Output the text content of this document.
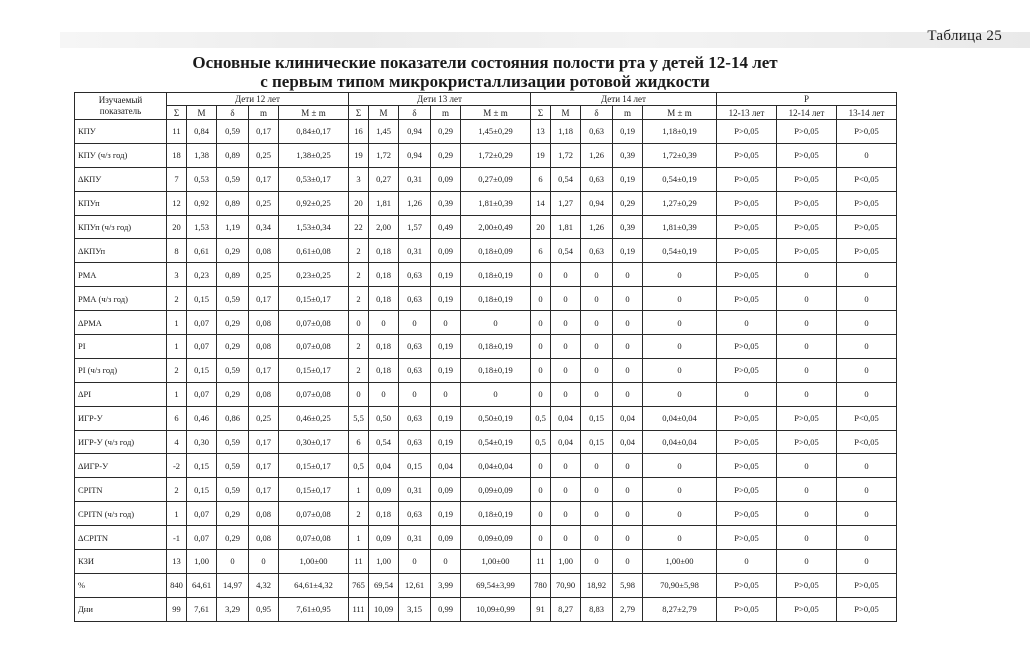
Таблица 25
Основные клинические показатели состояния полости рта у детей 12-14 лет
с первым типом микрокристаллизации ротовой жидкости
Изучаемый
показатель	Дети 12 лет					Дети 13 лет					Дети 14 лет					Р		
	Σ	М	δ	m	М ± m	Σ	М	δ	m	М ± m	Σ	М	δ	m	М ± m	12-13 лет	12-14 лет	13-14 лет
КПУ	11	0,84	0,59	0,17	0,84±0,17	16	1,45	0,94	0,29	1,45±0,29	13	1,18	0,63	0,19	1,18±0,19	Р>0,05	Р>0,05	Р>0,05
КПУ (ч/з год)	18	1,38	0,89	0,25	1,38±0,25	19	1,72	0,94	0,29	1,72±0,29	19	1,72	1,26	0,39	1,72±0,39	Р>0,05	Р>0,05	0
ΔКПУ	7	0,53	0,59	0,17	0,53±0,17	3	0,27	0,31	0,09	0,27±0,09	6	0,54	0,63	0,19	0,54±0,19	Р>0,05	Р>0,05	Р<0,05
КПУп	12	0,92	0,89	0,25	0,92±0,25	20	1,81	1,26	0,39	1,81±0,39	14	1,27	0,94	0,29	1,27±0,29	Р>0,05	Р>0,05	Р>0,05
КПУп (ч/з год)	20	1,53	1,19	0,34	1,53±0,34	22	2,00	1,57	0,49	2,00±0,49	20	1,81	1,26	0,39	1,81±0,39	Р>0,05	Р>0,05	Р>0,05
ΔКПУп	8	0,61	0,29	0,08	0,61±0,08	2	0,18	0,31	0,09	0,18±0,09	6	0,54	0,63	0,19	0,54±0,19	Р>0,05	Р>0,05	Р>0,05
РМА	3	0,23	0,89	0,25	0,23±0,25	2	0,18	0,63	0,19	0,18±0,19	0	0	0	0	0	Р>0,05	0	0
РМА (ч/з год)	2	0,15	0,59	0,17	0,15±0,17	2	0,18	0,63	0,19	0,18±0,19	0	0	0	0	0	Р>0,05	0	0
ΔРМА	1	0,07	0,29	0,08	0,07±0,08	0	0	0	0	0	0	0	0	0	0	0	0	0
РI	1	0,07	0,29	0,08	0,07±0,08	2	0,18	0,63	0,19	0,18±0,19	0	0	0	0	0	Р>0,05	0	0
РI (ч/з год)	2	0,15	0,59	0,17	0,15±0,17	2	0,18	0,63	0,19	0,18±0,19	0	0	0	0	0	Р>0,05	0	0
ΔРI	1	0,07	0,29	0,08	0,07±0,08	0	0	0	0	0	0	0	0	0	0	0	0	0
ИГР-У	6	0,46	0,86	0,25	0,46±0,25	5,5	0,50	0,63	0,19	0,50±0,19	0,5	0,04	0,15	0,04	0,04±0,04	Р>0,05	Р>0,05	Р<0,05
ИГР-У (ч/з год)	4	0,30	0,59	0,17	0,30±0,17	6	0,54	0,63	0,19	0,54±0,19	0,5	0,04	0,15	0,04	0,04±0,04	Р>0,05	Р>0,05	Р<0,05
ΔИГР-У	-2	0,15	0,59	0,17	0,15±0,17	0,5	0,04	0,15	0,04	0,04±0,04	0	0	0	0	0	Р>0,05	0	0
СРITN	2	0,15	0,59	0,17	0,15±0,17	1	0,09	0,31	0,09	0,09±0,09	0	0	0	0	0	Р>0,05	0	0
СРITN (ч/з год)	1	0,07	0,29	0,08	0,07±0,08	2	0,18	0,63	0,19	0,18±0,19	0	0	0	0	0	Р>0,05	0	0
ΔСРITN	-1	0,07	0,29	0,08	0,07±0,08	1	0,09	0,31	0,09	0,09±0,09	0	0	0	0	0	Р>0,05	0	0
КЗИ	13	1,00	0	0	1,00±00	11	1,00	0	0	1,00±00	11	1,00	0	0	1,00±00	0	0	0
%	840	64,61	14,97	4,32	64,61±4,32	765	69,54	12,61	3,99	69,54±3,99	780	70,90	18,92	5,98	70,90±5,98	Р>0,05	Р>0,05	Р>0,05
Дни	99	7,61	3,29	0,95	7,61±0,95	111	10,09	3,15	0,99	10,09±0,99	91	8,27	8,83	2,79	8,27±2,79	Р>0,05	Р>0,05	Р>0,05
